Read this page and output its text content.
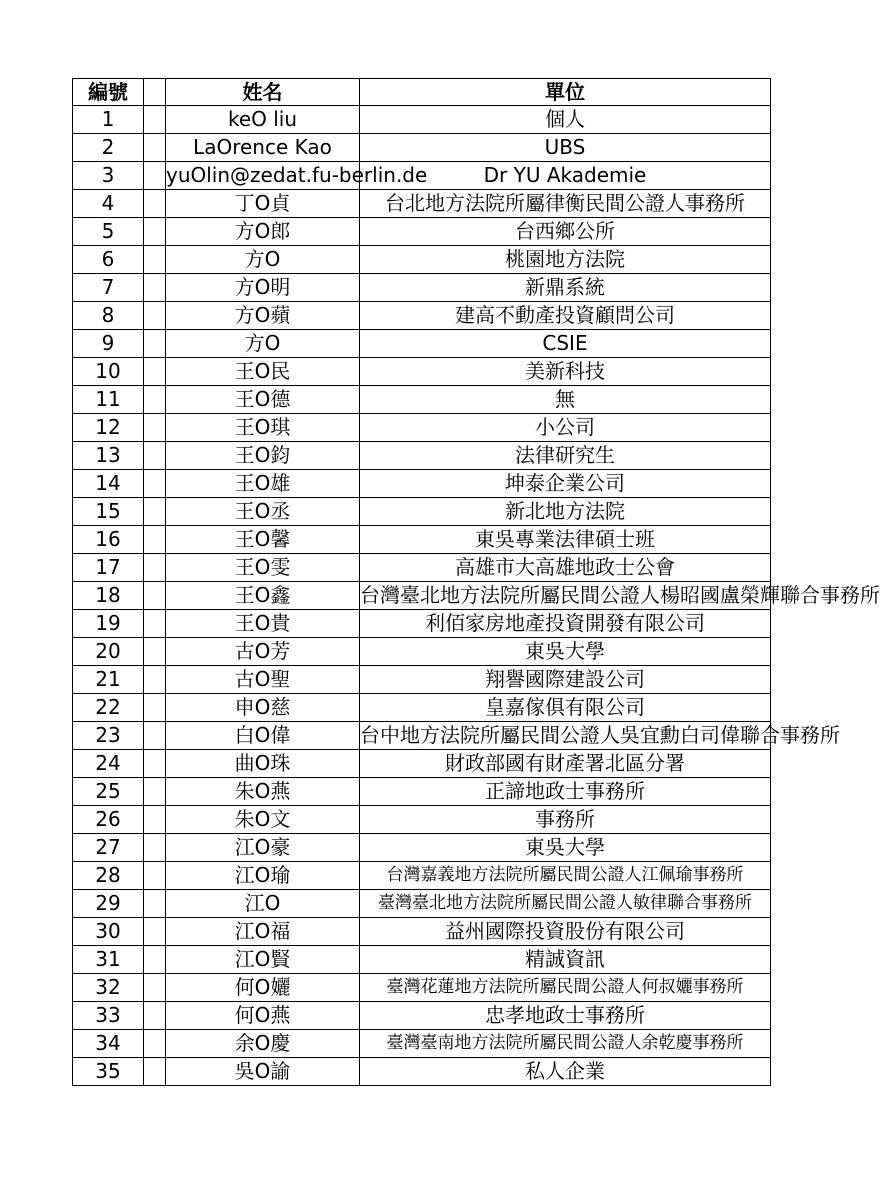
編號		姓名	單位
1		keO liu	個人
2		LaOrence Kao	UBS
3		yuOlin@zedat.fu-berlin.de	Dr YU Akademie
4		丁O貞	台北地方法院所屬律衡民間公證人事務所
5		方O郎	台西鄉公所
6		方O	桃園地方法院
7		方O明	新鼎系統
8		方O蘋	建高不動產投資顧問公司
9		方O	CSIE
10		王O民	美新科技
11		王O德	無
12		王O琪	小公司
13		王O鈞	法律研究生
14		王O雄	坤泰企業公司
15		王O丞	新北地方法院
16		王O馨	東吳專業法律碩士班
17		王O雯	高雄市大高雄地政士公會
18		王O鑫	台灣臺北地方法院所屬民間公證人楊昭國盧榮輝聯合事務所
19		王O貴	利佰家房地產投資開發有限公司
20		古O芳	東吳大學
21		古O聖	翔譽國際建設公司
22		申O慈	皇嘉傢俱有限公司
23		白O偉	台中地方法院所屬民間公證人吳宜勳白司偉聯合事務所
24		曲O珠	財政部國有財產署北區分署
25		朱O燕	正諦地政士事務所
26		朱O文	事務所
27		江O豪	東吳大學
28		江O瑜	台灣嘉義地方法院所屬民間公證人江佩瑜事務所
29		江O	臺灣臺北地方法院所屬民間公證人敏律聯合事務所
30		江O福	益州國際投資股份有限公司
31		江O賢	精誠資訊
32		何O孋	臺灣花蓮地方法院所屬民間公證人何叔孋事務所
33		何O燕	忠孝地政士事務所
34		余O慶	臺灣臺南地方法院所屬民間公證人余乾慶事務所
35		吳O諭	私人企業
